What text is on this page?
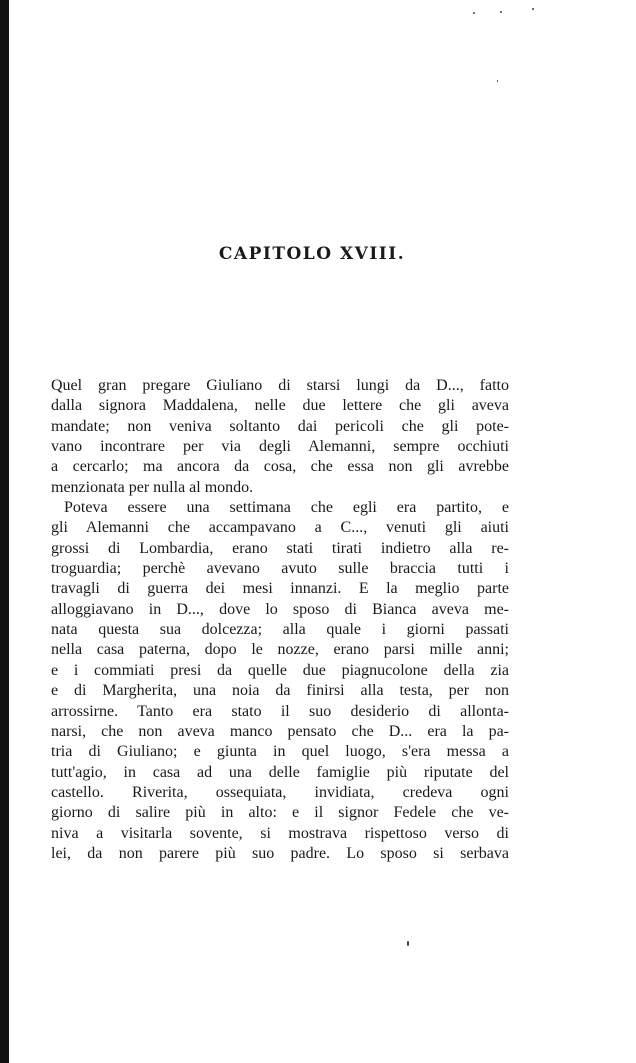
CAPITOLO XVIII.
Quel gran pregare Giuliano di starsi lungi da D..., fatto
dalla signora Maddalena, nelle due lettere che gli aveva
mandate; non veniva soltanto dai pericoli che gli pote-
vano incontrare per via degli Alemanni, sempre occhiuti
a cercarlo; ma ancora da cosa, che essa non gli avrebbe
menzionata per nulla al mondo.
Poteva essere una settimana che egli era partito, e
gli Alemanni che accampavano a C..., venuti gli aiuti
grossi di Lombardia, erano stati tirati indietro alla re-
troguardia; perchè avevano avuto sulle braccia tutti i
travagli di guerra dei mesi innanzi. E la meglio parte
alloggiavano in D..., dove lo sposo di Bianca aveva me-
nata questa sua dolcezza; alla quale i giorni passati
nella casa paterna, dopo le nozze, erano parsi mille anni;
e i commiati presi da quelle due piagnucolone della zia
e di Margherita, una noia da finirsi alla testa, per non
arrossirne. Tanto era stato il suo desiderio di allonta-
narsi, che non aveva manco pensato che D... era la pa-
tria di Giuliano; e giunta in quel luogo, s'era messa a
tutt'agio, in casa ad una delle famiglie più riputate del
castello. Riverita, ossequiata, invidiata, credeva ogni
giorno di salire più in alto: e il signor Fedele che ve-
niva a visitarla sovente, si mostrava rispettoso verso di
lei, da non parere più suo padre. Lo sposo si serbava
